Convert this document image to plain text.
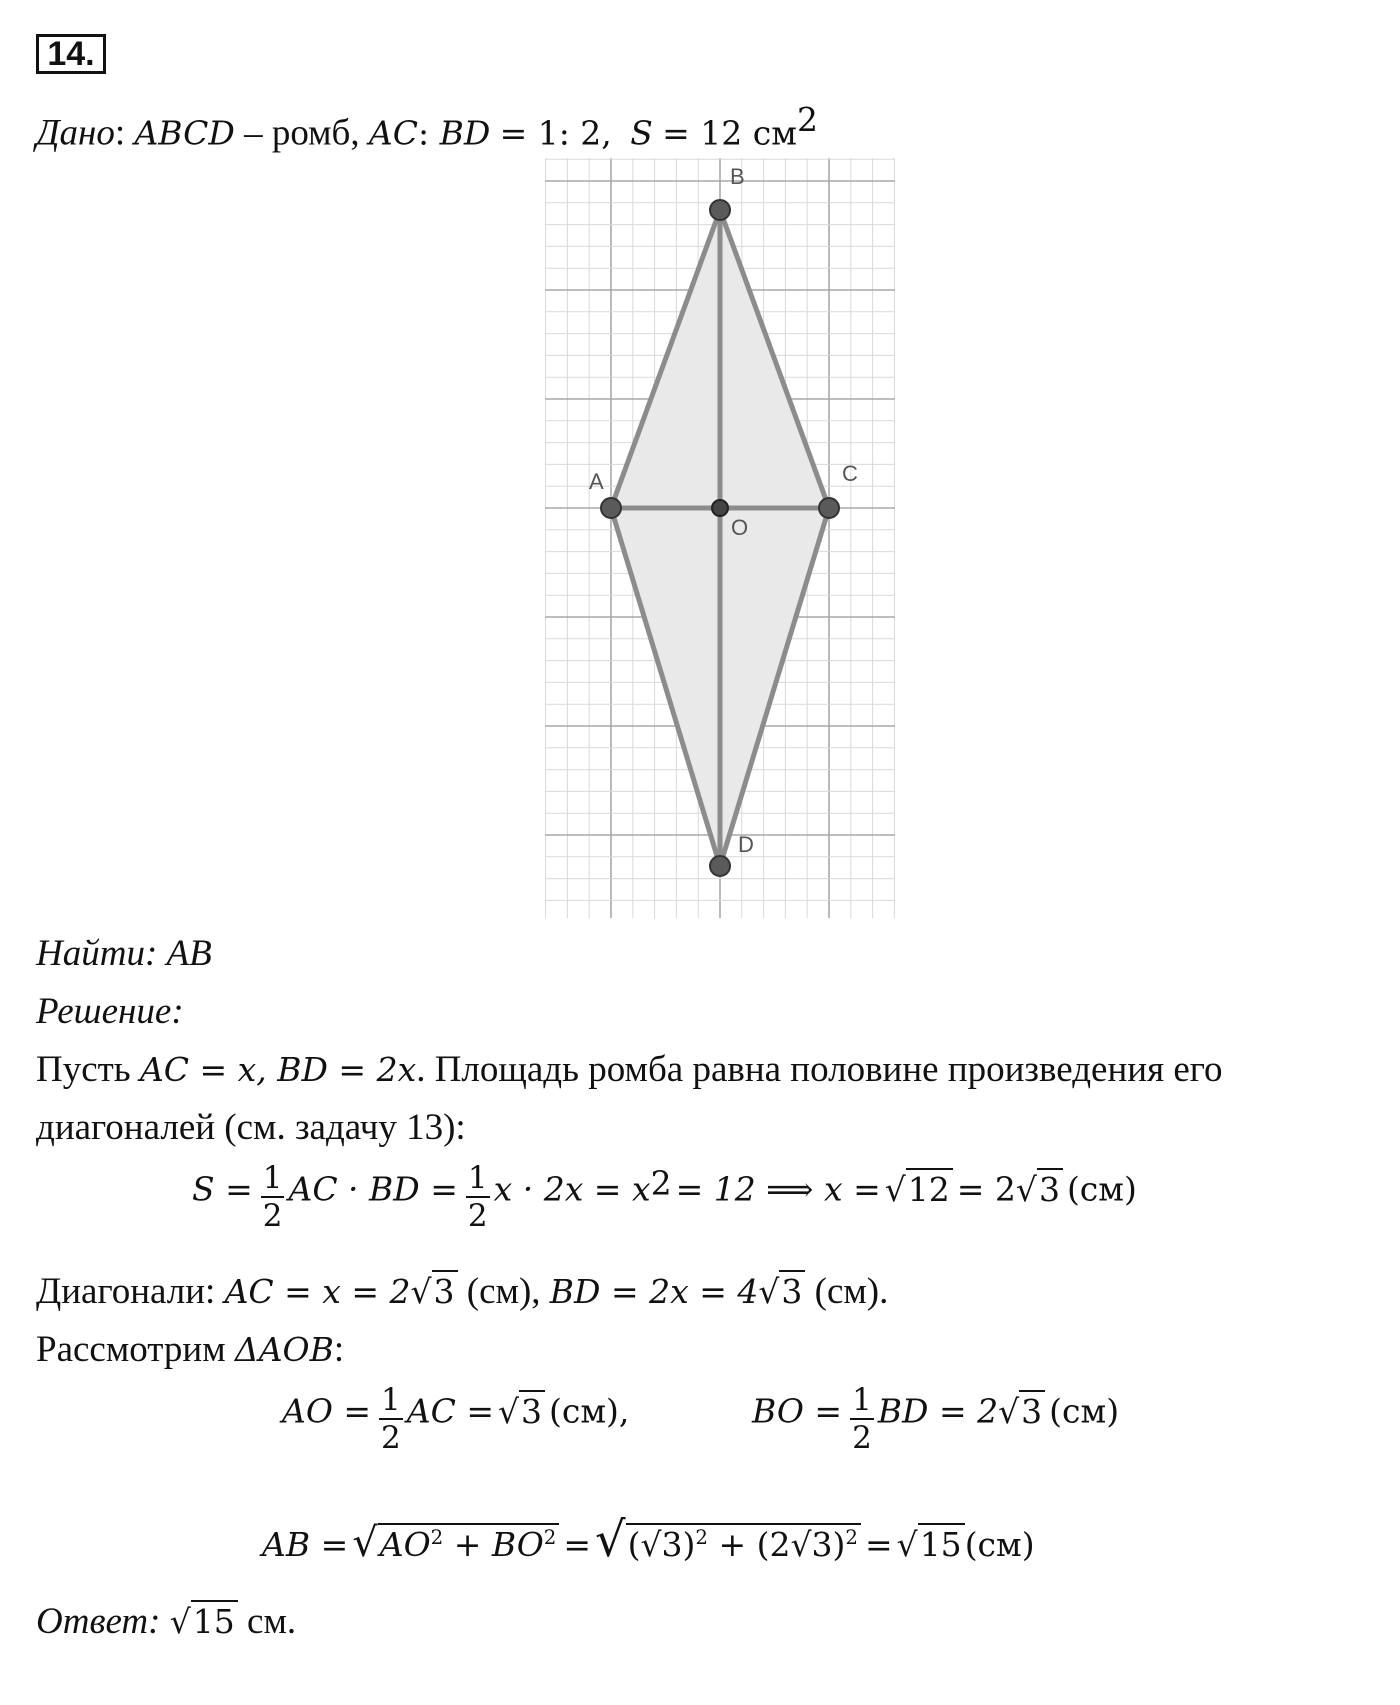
14.
Дано: ABCD – ромб, AC: BD = 1: 2, S = 12 $см^2$
A
B
C
D
O
Найти: AB
Решение:
Пусть AC = x, BD = 2x. Площадь ромба равна половине произведения его
диагоналей (см. задачу 13):
$S = \frac{1}{2}$ AC · BD = $\frac{1}{2}$ $x \cdot 2x = x^2 = 12$ ⟹ x = √12 = 2√3 (см)
Диагонали: AC = x = 2√3 (см), BD = 2x = 4√3 (см).
Рассмотрим ΔAOB:
AO = $\frac{1}{2}$ AC = √3 (см),	BO = $\frac{1}{2}$ BD = 2√3 (см)
AB = $√AO^2 + BO^2 = √(√3)^2 + (2√3)^2 = √15(см)$
Ответ: √15 см.
